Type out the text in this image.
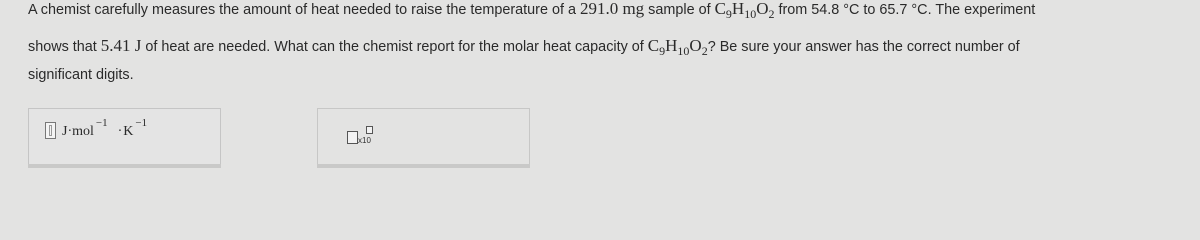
A chemist carefully measures the amount of heat needed to raise the temperature of a 291.0 mg sample of $C_9H_{10}O_2$ from 54.8 °C to 65.7 °C. The experiment
shows that 5.41 J of heat are needed. What can the chemist report for the molar heat capacity of $C_9H_{10}O_2$? Be sure your answer has the correct number of
significant digits.
$J\cdot mol^{-1}\cdot K^{-1}$
x10
